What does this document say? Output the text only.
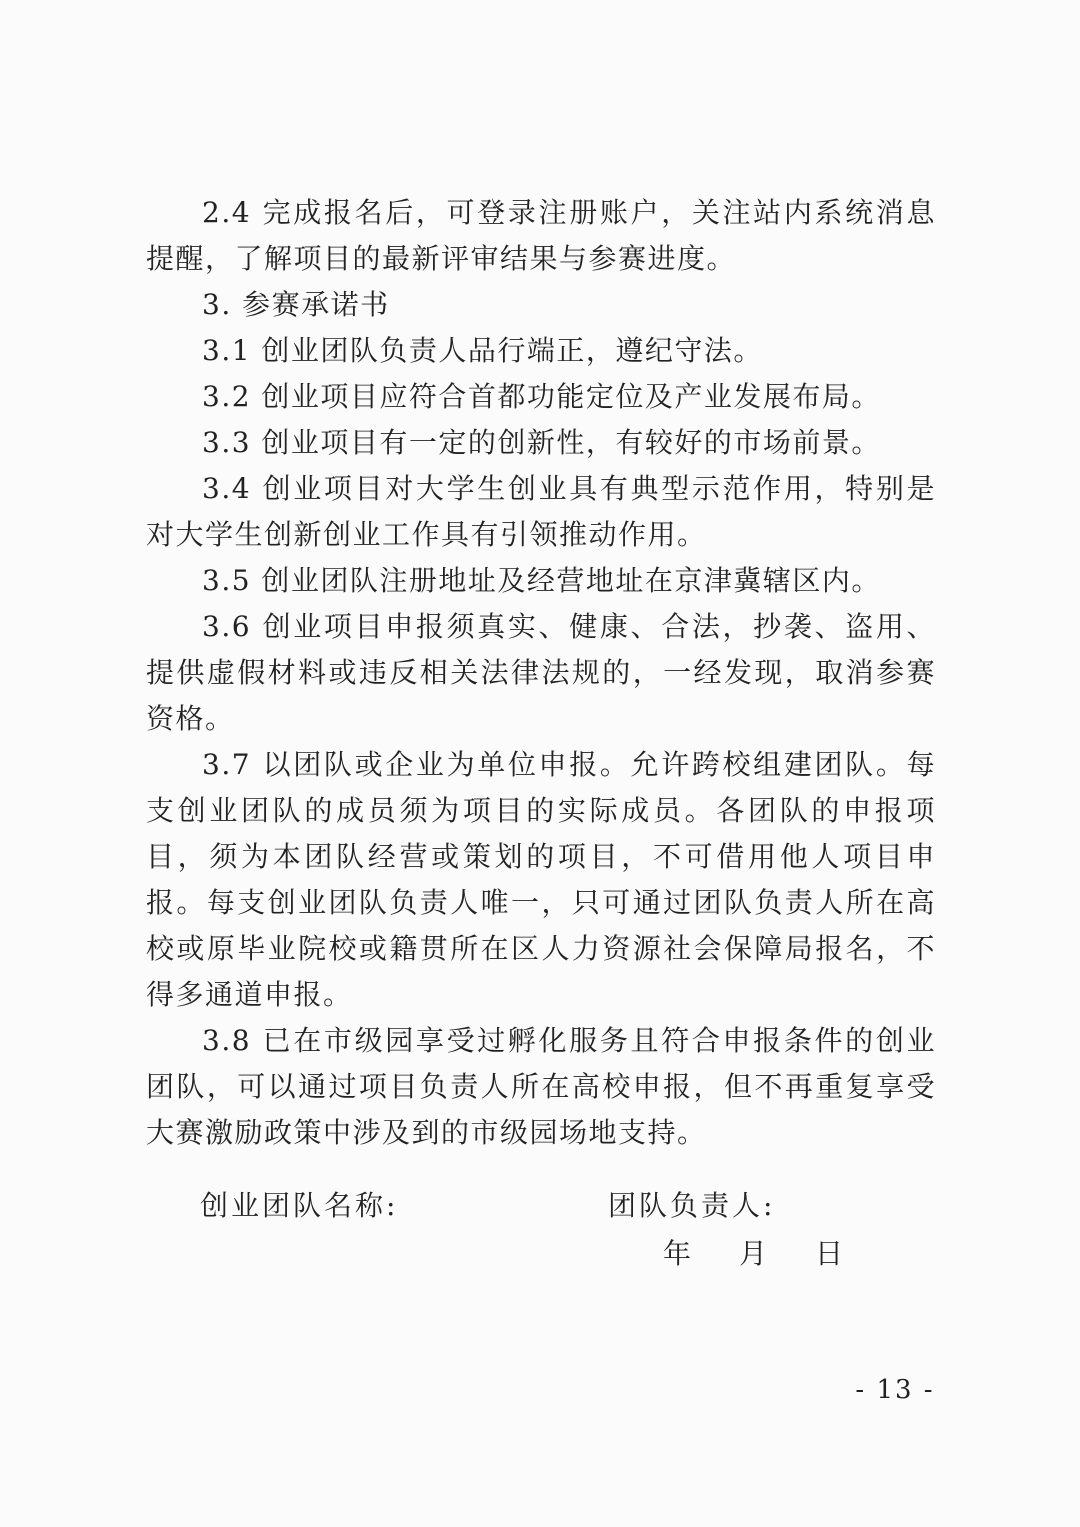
2.4 完成报名后，可登录注册账户，关注站内系统消息提醒，了解项目的最新评审结果与参赛进度。

3. 参赛承诺书

3.1 创业团队负责人品行端正，遵纪守法。

3.2 创业项目应符合首都功能定位及产业发展布局。

3.3 创业项目有一定的创新性，有较好的市场前景。

3.4 创业项目对大学生创业具有典型示范作用，特别是对大学生创新创业工作具有引领推动作用。

3.5 创业团队注册地址及经营地址在京津冀辖区内。

3.6 创业项目申报须真实、健康、合法，抄袭、盗用、提供虚假材料或违反相关法律法规的，一经发现，取消参赛资格。

3.7 以团队或企业为单位申报。允许跨校组建团队。每支创业团队的成员须为项目的实际成员。各团队的申报项目，须为本团队经营或策划的项目，不可借用他人项目申报。每支创业团队负责人唯一，只可通过团队负责人所在高校或原毕业院校或籍贯所在区人力资源社会保障局报名，不得多通道申报。

3.8 已在市级园享受过孵化服务且符合申报条件的创业团队，可以通过项目负责人所在高校申报，但不再重复享受大赛激励政策中涉及到的市级园场地支持。

创业团队名称:	团队负责人:
年 月 日
- 13 -
